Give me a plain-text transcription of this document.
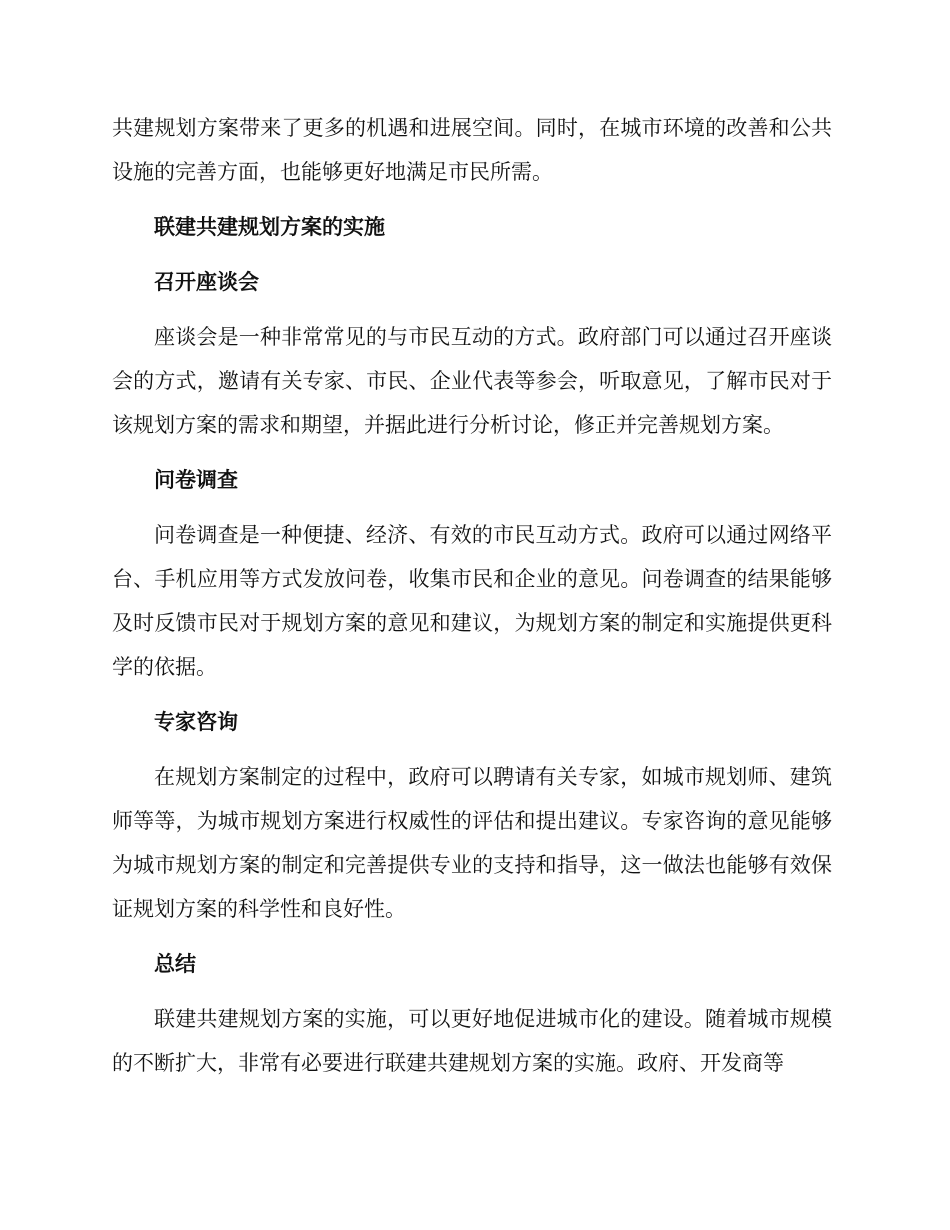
共建规划方案带来了更多的机遇和进展空间。同时，在城市环境的改善和公共设施的完善方面，也能够更好地满足市民所需。

联建共建规划方案的实施

召开座谈会

座谈会是一种非常常见的与市民互动的方式。政府部门可以通过召开座谈会的方式，邀请有关专家、市民、企业代表等参会，听取意见，了解市民对于该规划方案的需求和期望，并据此进行分析讨论，修正并完善规划方案。

问卷调查

问卷调查是一种便捷、经济、有效的市民互动方式。政府可以通过网络平台、手机应用等方式发放问卷，收集市民和企业的意见。问卷调查的结果能够及时反馈市民对于规划方案的意见和建议，为规划方案的制定和实施提供更科学的依据。

专家咨询

在规划方案制定的过程中，政府可以聘请有关专家，如城市规划师、建筑师等等，为城市规划方案进行权威性的评估和提出建议。专家咨询的意见能够为城市规划方案的制定和完善提供专业的支持和指导，这一做法也能够有效保证规划方案的科学性和良好性。

总结

联建共建规划方案的实施，可以更好地促进城市化的建设。随着城市规模的不断扩大，非常有必要进行联建共建规划方案的实施。政府、开发商等
